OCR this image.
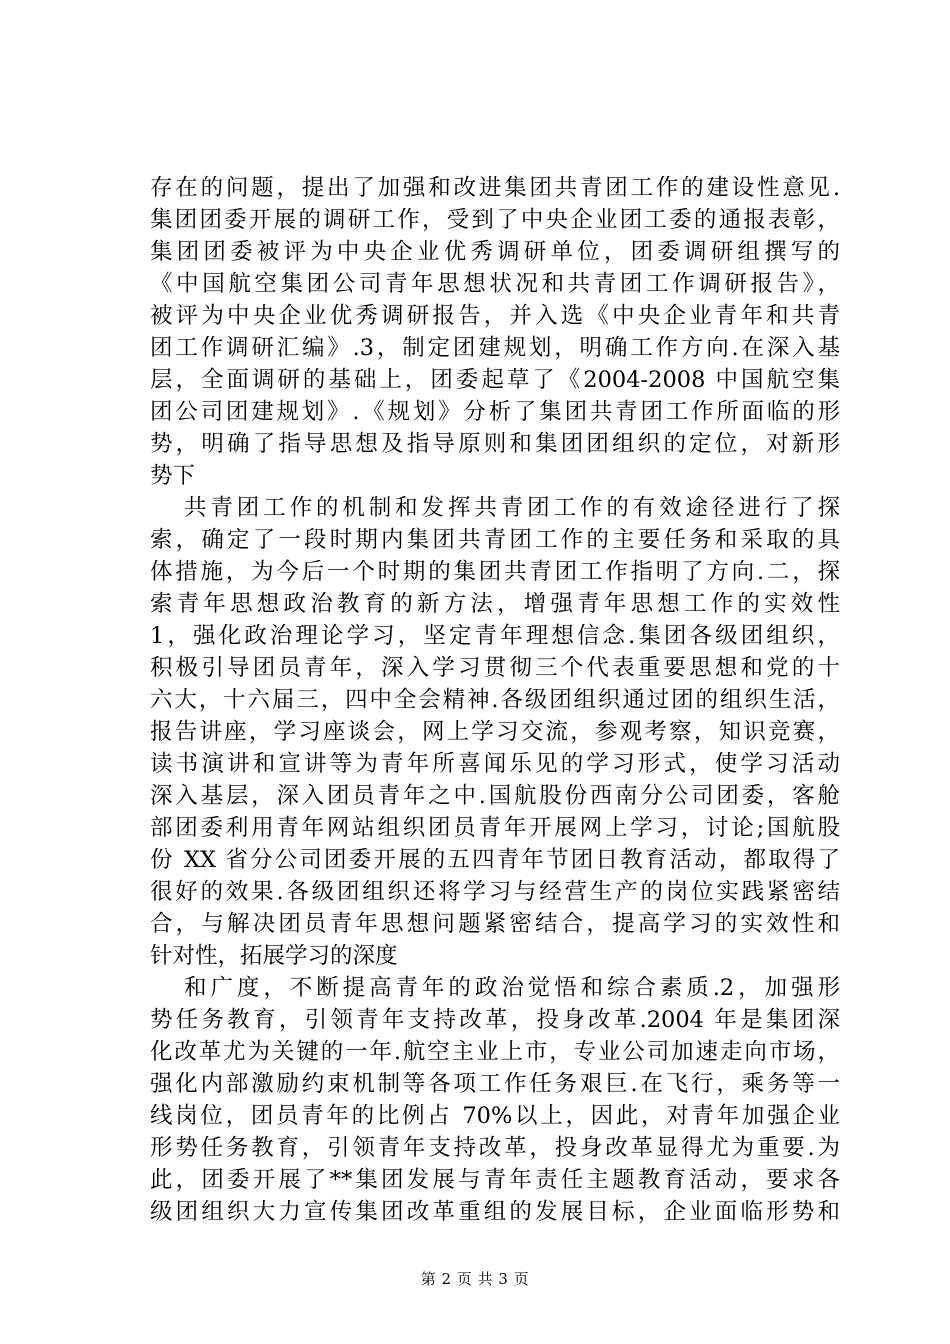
存在的问题，提出了加强和改进集团共青团工作的建设性意见.
集团团委开展的调研工作，受到了中央企业团工委的通报表彰，
集团团委被评为中央企业优秀调研单位，团委调研组撰写的
《中国航空集团公司青年思想状况和共青团工作调研报告》，
被评为中央企业优秀调研报告，并入选《中央企业青年和共青
团工作调研汇编》.3，制定团建规划，明确工作方向.在深入基
层，全面调研的基础上，团委起草了《2004-2008 中国航空集
团公司团建规划》.《规划》分析了集团共青团工作所面临的形
势，明确了指导思想及指导原则和集团团组织的定位，对新形
势下
共青团工作的机制和发挥共青团工作的有效途径进行了探
索，确定了一段时期内集团共青团工作的主要任务和采取的具
体措施，为今后一个时期的集团共青团工作指明了方向.二，探
索青年思想政治教育的新方法，增强青年思想工作的实效性
1，强化政治理论学习，坚定青年理想信念.集团各级团组织，
积极引导团员青年，深入学习贯彻三个代表重要思想和党的十
六大，十六届三，四中全会精神.各级团组织通过团的组织生活，
报告讲座，学习座谈会，网上学习交流，参观考察，知识竞赛，
读书演讲和宣讲等为青年所喜闻乐见的学习形式，使学习活动
深入基层，深入团员青年之中.国航股份西南分公司团委，客舱
部团委利用青年网站组织团员青年开展网上学习，讨论;国航股
份 XX 省分公司团委开展的五四青年节团日教育活动，都取得了
很好的效果.各级团组织还将学习与经营生产的岗位实践紧密结
合，与解决团员青年思想问题紧密结合，提高学习的实效性和
针对性，拓展学习的深度
和广度，不断提高青年的政治觉悟和综合素质.2，加强形
势任务教育，引领青年支持改革，投身改革.2004 年是集团深
化改革尤为关键的一年.航空主业上市，专业公司加速走向市场，
强化内部激励约束机制等各项工作任务艰巨.在飞行，乘务等一
线岗位，团员青年的比例占 70%以上，因此，对青年加强企业
形势任务教育，引领青年支持改革，投身改革显得尤为重要.为
此，团委开展了**集团发展与青年责任主题教育活动，要求各
级团组织大力宣传集团改革重组的发展目标，企业面临形势和
第 2 页 共 3 页
